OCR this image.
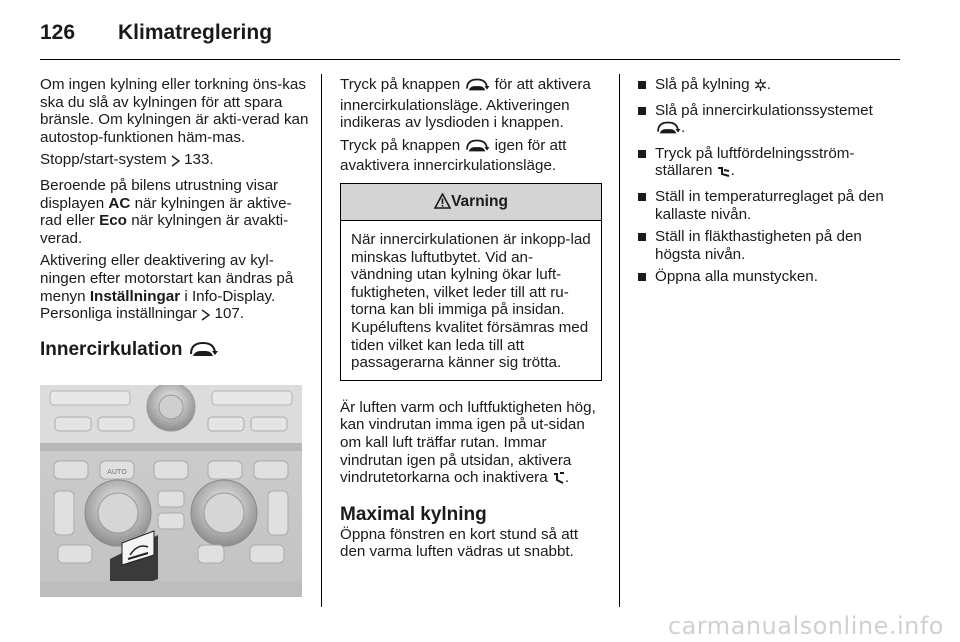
126 Klimatreglering

Om ingen kylning eller torkning öns-kas ska du slå av kylningen för att spara bränsle. Om kylningen är akti-verad kan autostop-funktionen häm-mas.

Stopp/start-system 133.

Beroende på bilens utrustning visar displayen AC när kylningen är aktive-rad eller Eco när kylningen är avakti-verad.

Aktivering eller deaktivering av kyl-ningen efter motorstart kan ändras på menyn Inställningar i Info-Display. Personliga inställningar 107.

Innercirkulation
AUTO

Tryck på knappen för att aktivera innercirkulationsläge. Aktiveringen indikeras av lysdioden i knappen.

Tryck på knappen igen för att avaktivera innercirkulationsläge.

Varning
När innercirkulationen är inkopp-lad minskas luftutbytet. Vid an-vändning utan kylning ökar luft-fuktigheten, vilket leder till att ru-torna kan bli immiga på insidan. Kupéluftens kvalitet försämras med tiden vilket kan leda till att passagerarna känner sig trötta.

Är luften varm och luftfuktigheten hög, kan vindrutan imma igen på ut-sidan om kall luft träffar rutan. Immar vindrutan igen på utsidan, aktivera vindrutetorkarna och inaktivera .

Maximal kylning

Öppna fönstren en kort stund så att den varma luften vädras ut snabbt.

Slå på kylning .
Slå på innercirkulationssystemet
.
Tryck på luftfördelningsström-ställaren .
Ställ in temperaturreglaget på den kallaste nivån.
Ställ in fläkthastigheten på den högsta nivån.
Öppna alla munstycken.
carmanualsonline.info
